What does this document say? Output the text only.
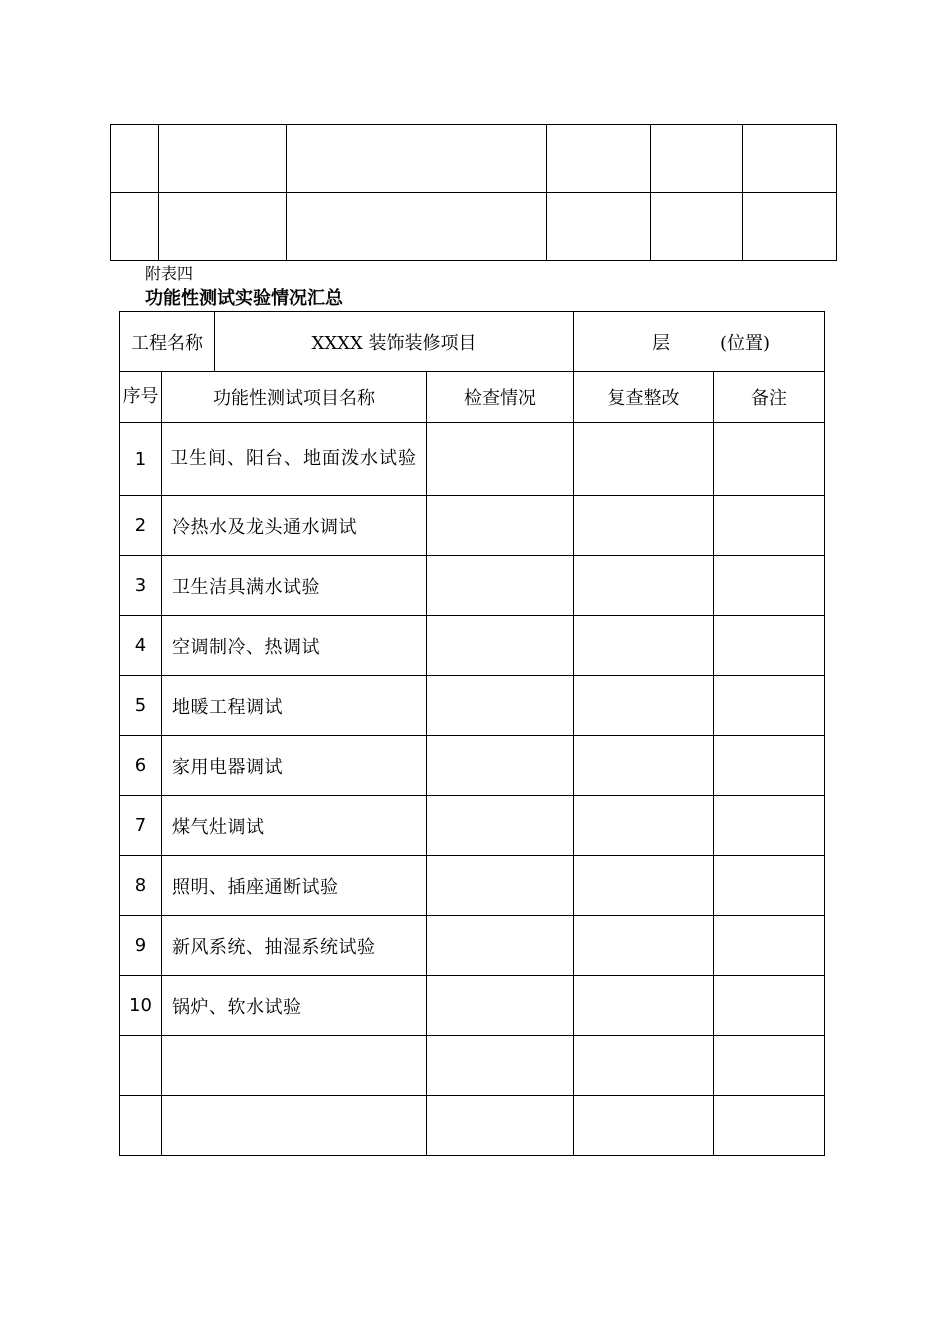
附表四
功能性测试实验情况汇总
工程名称		XXXX 装饰装修项目		层 (位置)	
序号	功能性测试项目名称		检查情况	复查整改	备注
1	卫生间、阳台、地面泼水试验				
2	冷热水及龙头通水调试				
3	卫生洁具满水试验				
4	空调制冷、热调试				
5	地暖工程调试				
6	家用电器调试				
7	煤气灶调试				
8	照明、插座通断试验				
9	新风系统、抽湿系统试验				
10	锅炉、软水试验				
